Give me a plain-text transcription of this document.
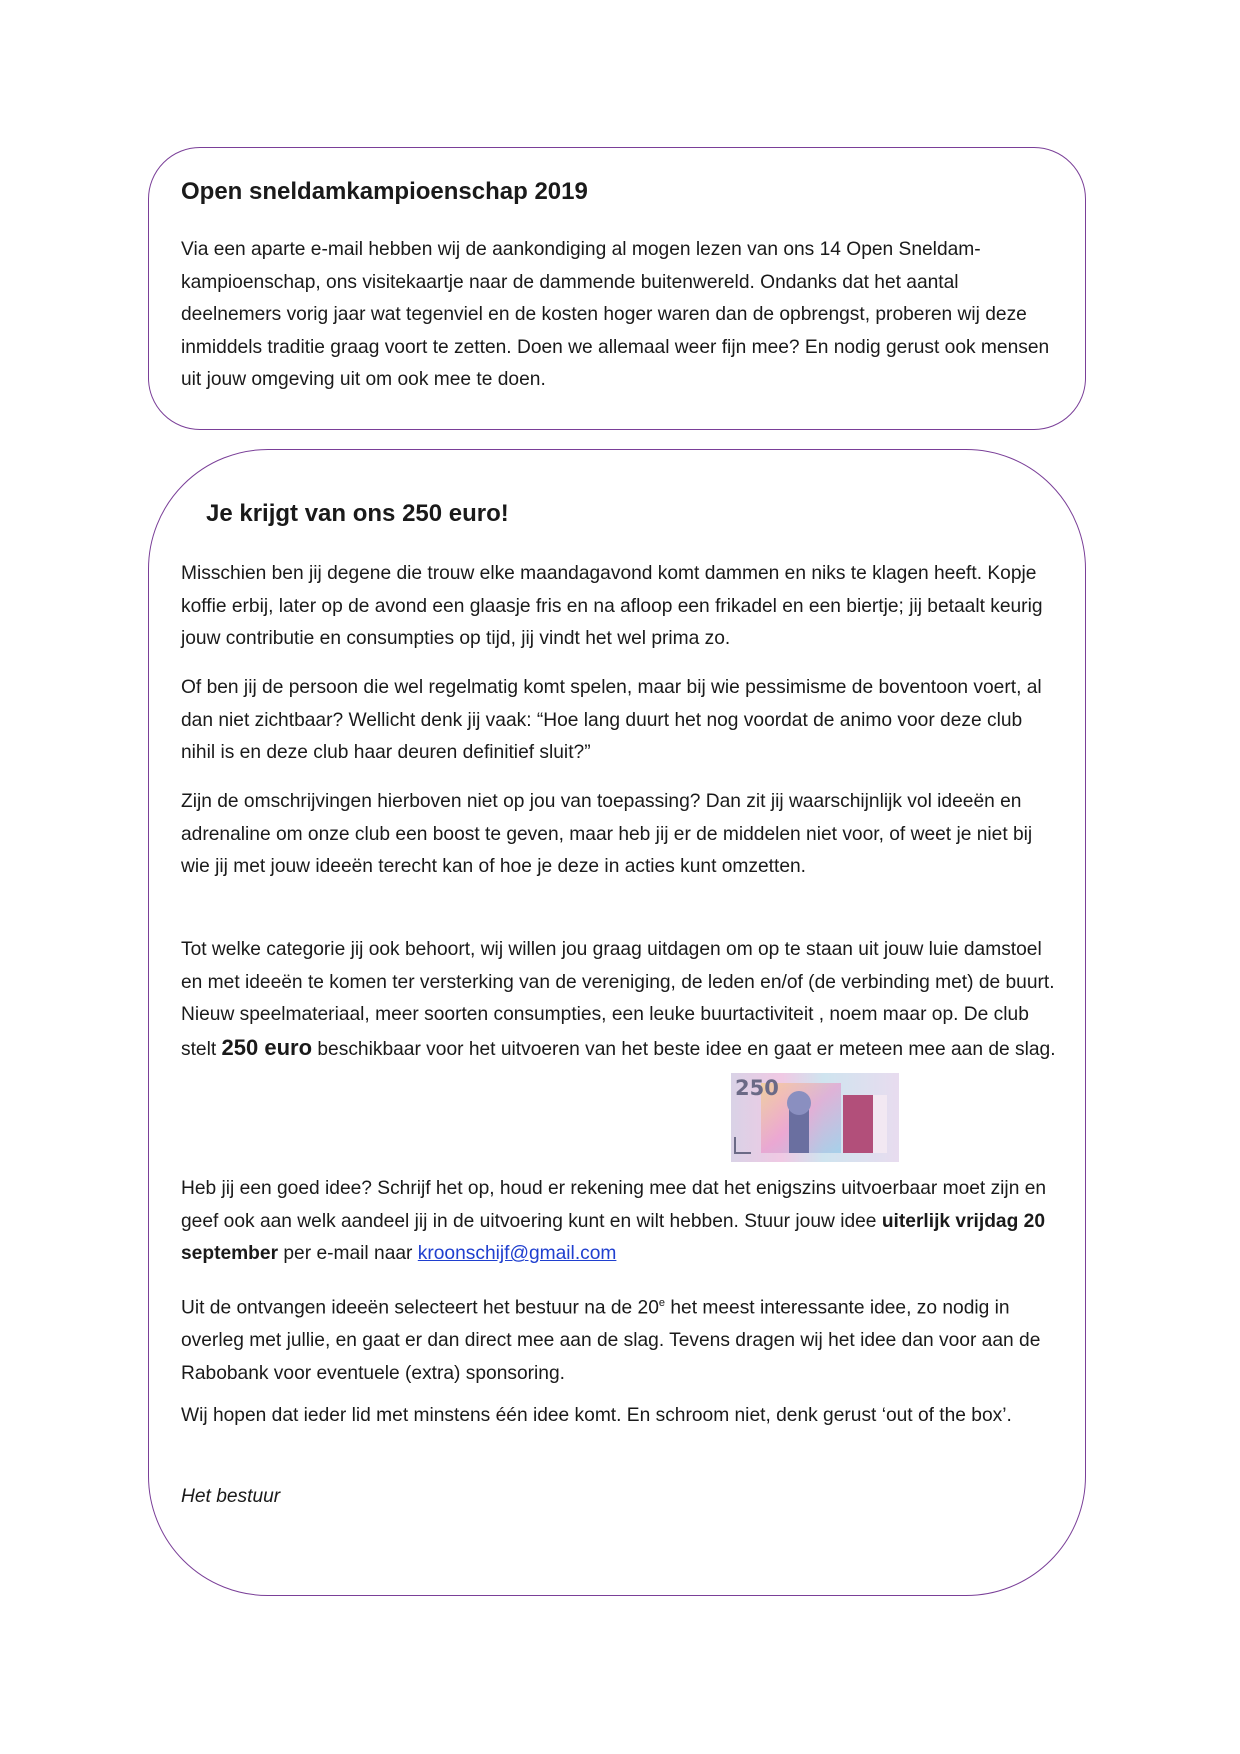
Open sneldamkampioenschap 2019

Via een aparte e-mail hebben wij de aankondiging al mogen lezen van ons 14 Open Sneldam-kampioenschap, ons visitekaartje naar de dammende buitenwereld. Ondanks dat het aantal deelnemers vorig jaar wat tegenviel en de kosten hoger waren dan de opbrengst, proberen wij deze inmiddels traditie graag voort te zetten. Doen we allemaal weer fijn mee? En nodig gerust ook mensen uit jouw omgeving uit om ook mee te doen.

Je krijgt van ons 250 euro!

Misschien ben jij degene die trouw elke maandagavond komt dammen en niks te klagen heeft. Kopje koffie erbij, later op de avond een glaasje fris en na afloop een frikadel en een biertje; jij betaalt keurig jouw contributie en consumpties op tijd, jij vindt het wel prima zo.

Of ben jij de persoon die wel regelmatig komt spelen, maar bij wie pessimisme de boventoon voert, al dan niet zichtbaar? Wellicht denk jij vaak: “Hoe lang duurt het nog voordat de animo voor deze club nihil is en deze club haar deuren definitief sluit?”

Zijn de omschrijvingen hierboven niet op jou van toepassing? Dan zit jij waarschijnlijk vol ideeën en adrenaline om onze club een boost te geven, maar heb jij er de middelen niet voor, of weet je niet bij wie jij met jouw ideeën terecht kan of hoe je deze in acties kunt omzetten.

Tot welke categorie jij ook behoort, wij willen jou graag uitdagen om op te staan uit jouw luie damstoel en met ideeën te komen ter versterking van de vereniging, de leden en/of (de verbinding met) de buurt. Nieuw speelmateriaal, meer soorten consumpties, een leuke buurtactiviteit , noem maar op. De club stelt 250 euro beschikbaar voor het uitvoeren van het beste idee en gaat er meteen mee aan de slag.

250

Heb jij een goed idee? Schrijf het op, houd er rekening mee dat het enigszins uitvoerbaar moet zijn en geef ook aan welk aandeel jij in de uitvoering kunt en wilt hebben. Stuur jouw idee uiterlijk vrijdag 20 september per e-mail naar kroonschijf@gmail.com

Uit de ontvangen ideeën selecteert het bestuur na de 20e het meest interessante idee, zo nodig in overleg met jullie, en gaat er dan direct mee aan de slag. Tevens dragen wij het idee dan voor aan de Rabobank voor eventuele (extra) sponsoring.

Wij hopen dat ieder lid met minstens één idee komt. En schroom niet, denk gerust ‘out of the box’.

Het bestuur
